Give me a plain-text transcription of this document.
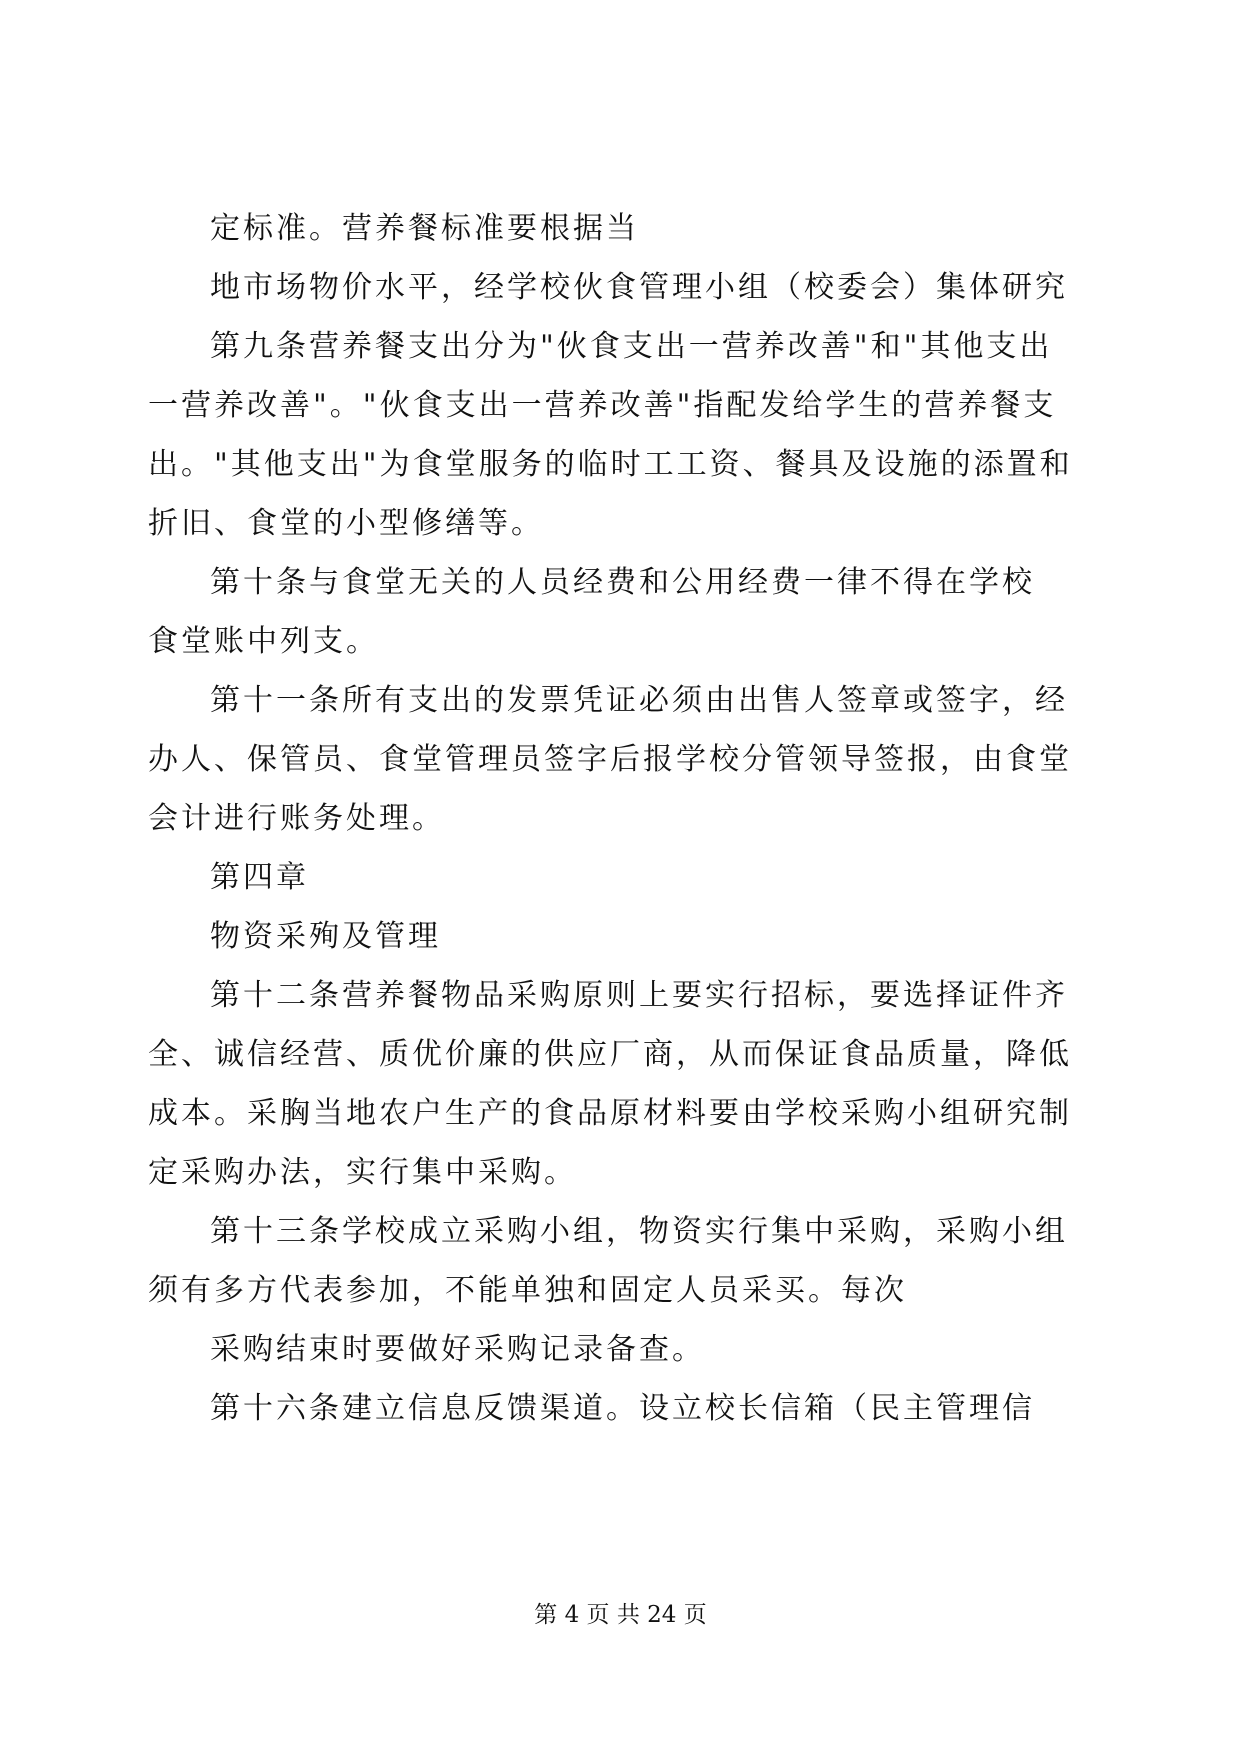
定标准。营养餐标准要根据当
地市场物价水平，经学校伙食管理小组（校委会）集体研究
第九条营养餐支出分为"伙食支出一营养改善"和"其他支出
一营养改善"。"伙食支出一营养改善"指配发给学生的营养餐支
出。"其他支出"为食堂服务的临时工工资、餐具及设施的添置和
折旧、食堂的小型修缮等。
第十条与食堂无关的人员经费和公用经费一律不得在学校
食堂账中列支。
第十一条所有支出的发票凭证必须由出售人签章或签字，经
办人、保管员、食堂管理员签字后报学校分管领导签报，由食堂
会计进行账务处理。
第四章
物资采殉及管理
第十二条营养餐物品采购原则上要实行招标，要选择证件齐
全、诚信经营、质优价廉的供应厂商，从而保证食品质量，降低
成本。采胸当地农户生产的食品原材料要由学校采购小组研究制
定采购办法，实行集中采购。
第十三条学校成立采购小组，物资实行集中采购，采购小组
须有多方代表参加，不能单独和固定人员采买。每次
采购结束时要做好采购记录备查。
第十六条建立信息反馈渠道。设立校长信箱（民主管理信
第 4 页 共 24 页
